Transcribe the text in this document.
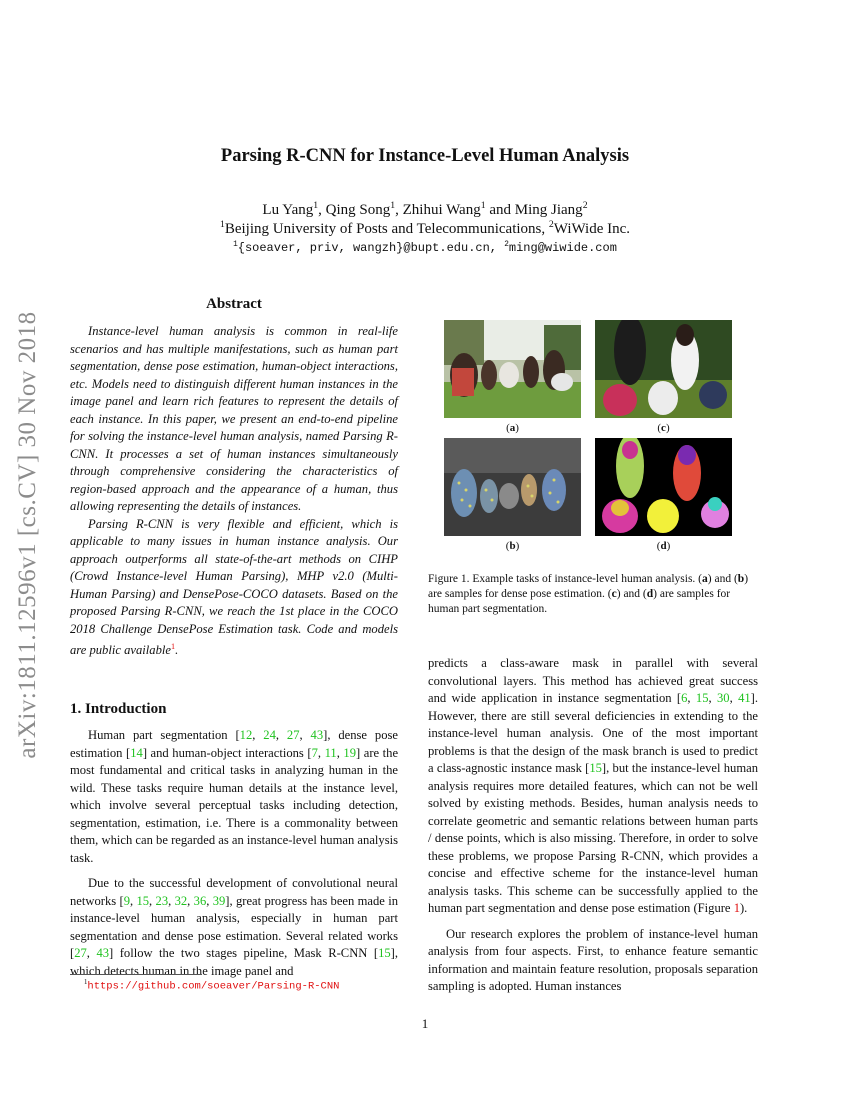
arXiv:1811.12596v1 [cs.CV] 30 Nov 2018
Parsing R-CNN for Instance-Level Human Analysis
Lu Yang$^1$, Qing Song$^1$, Zhihui Wang$^1$ and Ming Jiang$^2$
$^1$Beijing University of Posts and Telecommunications, $^2$WiWide Inc.
$^1${soeaver, priv, wangzh}@bupt.edu.cn, $^2$ming@wiwide.com
Abstract

Instance-level human analysis is common in real-life scenarios and has multiple manifestations, such as human part segmentation, dense pose estimation, human-object interactions, etc. Models need to distinguish different human instances in the image panel and learn rich features to represent the details of each instance. In this paper, we present an end-to-end pipeline for solving the instance-level human analysis, named Parsing R-CNN. It processes a set of human instances simultaneously through comprehensive considering the characteristics of region-based approach and the appearance of a human, thus allowing representing the details of instances.

Parsing R-CNN is very flexible and efficient, which is applicable to many issues in human instance analysis. Our approach outperforms all state-of-the-art methods on CIHP (Crowd Instance-level Human Parsing), MHP v2.0 (Multi-Human Parsing) and DensePose-COCO datasets. Based on the proposed Parsing R-CNN, we reach the 1st place in the COCO 2018 Challenge DensePose Estimation task. Code and models are public available$^1$.

1. Introduction

Human part segmentation [12, 24, 27, 43], dense pose estimation [14] and human-object interactions [7, 11, 19] are the most fundamental and critical tasks in analyzing human in the wild. These tasks require human details at the instance level, which involve several perceptual tasks including detection, segmentation, estimation, i.e. There is a commonality between them, which can be regarded as an instance-level human analysis task.

Due to the successful development of convolutional neural networks [9, 15, 23, 32, 36, 39], great progress has been made in instance-level human analysis, especially in human part segmentation and dense pose estimation. Several related works [27, 43] follow the two stages pipeline, Mask R-CNN [15], which detects human in the image panel and

(a)	(c)
(b)	(d)
Figure 1. Example tasks of instance-level human analysis. (a) and (b) are samples for dense pose estimation. (c) and (d) are samples for human part segmentation.

predicts a class-aware mask in parallel with several convolutional layers. This method has achieved great success and wide application in instance segmentation [6, 15, 30, 41]. However, there are still several deficiencies in extending to the instance-level human analysis. One of the most important problems is that the design of the mask branch is used to predict a class-agnostic instance mask [15], but the instance-level human analysis requires more detailed features, which can not be well solved by existing methods. Besides, human analysis needs to correlate geometric and semantic relations between human parts / dense points, which is also missing. Therefore, in order to solve these problems, we propose Parsing R-CNN, which provides a concise and effective scheme for the instance-level human analysis tasks. This scheme can be successfully applied to the human part segmentation and dense pose estimation (Figure 1).

Our research explores the problem of instance-level human analysis from four aspects. First, to enhance feature semantic information and maintain feature resolution, proposals separation sampling is adopted. Human instances

$^1$https://github.com/soeaver/Parsing-R-CNN
1
